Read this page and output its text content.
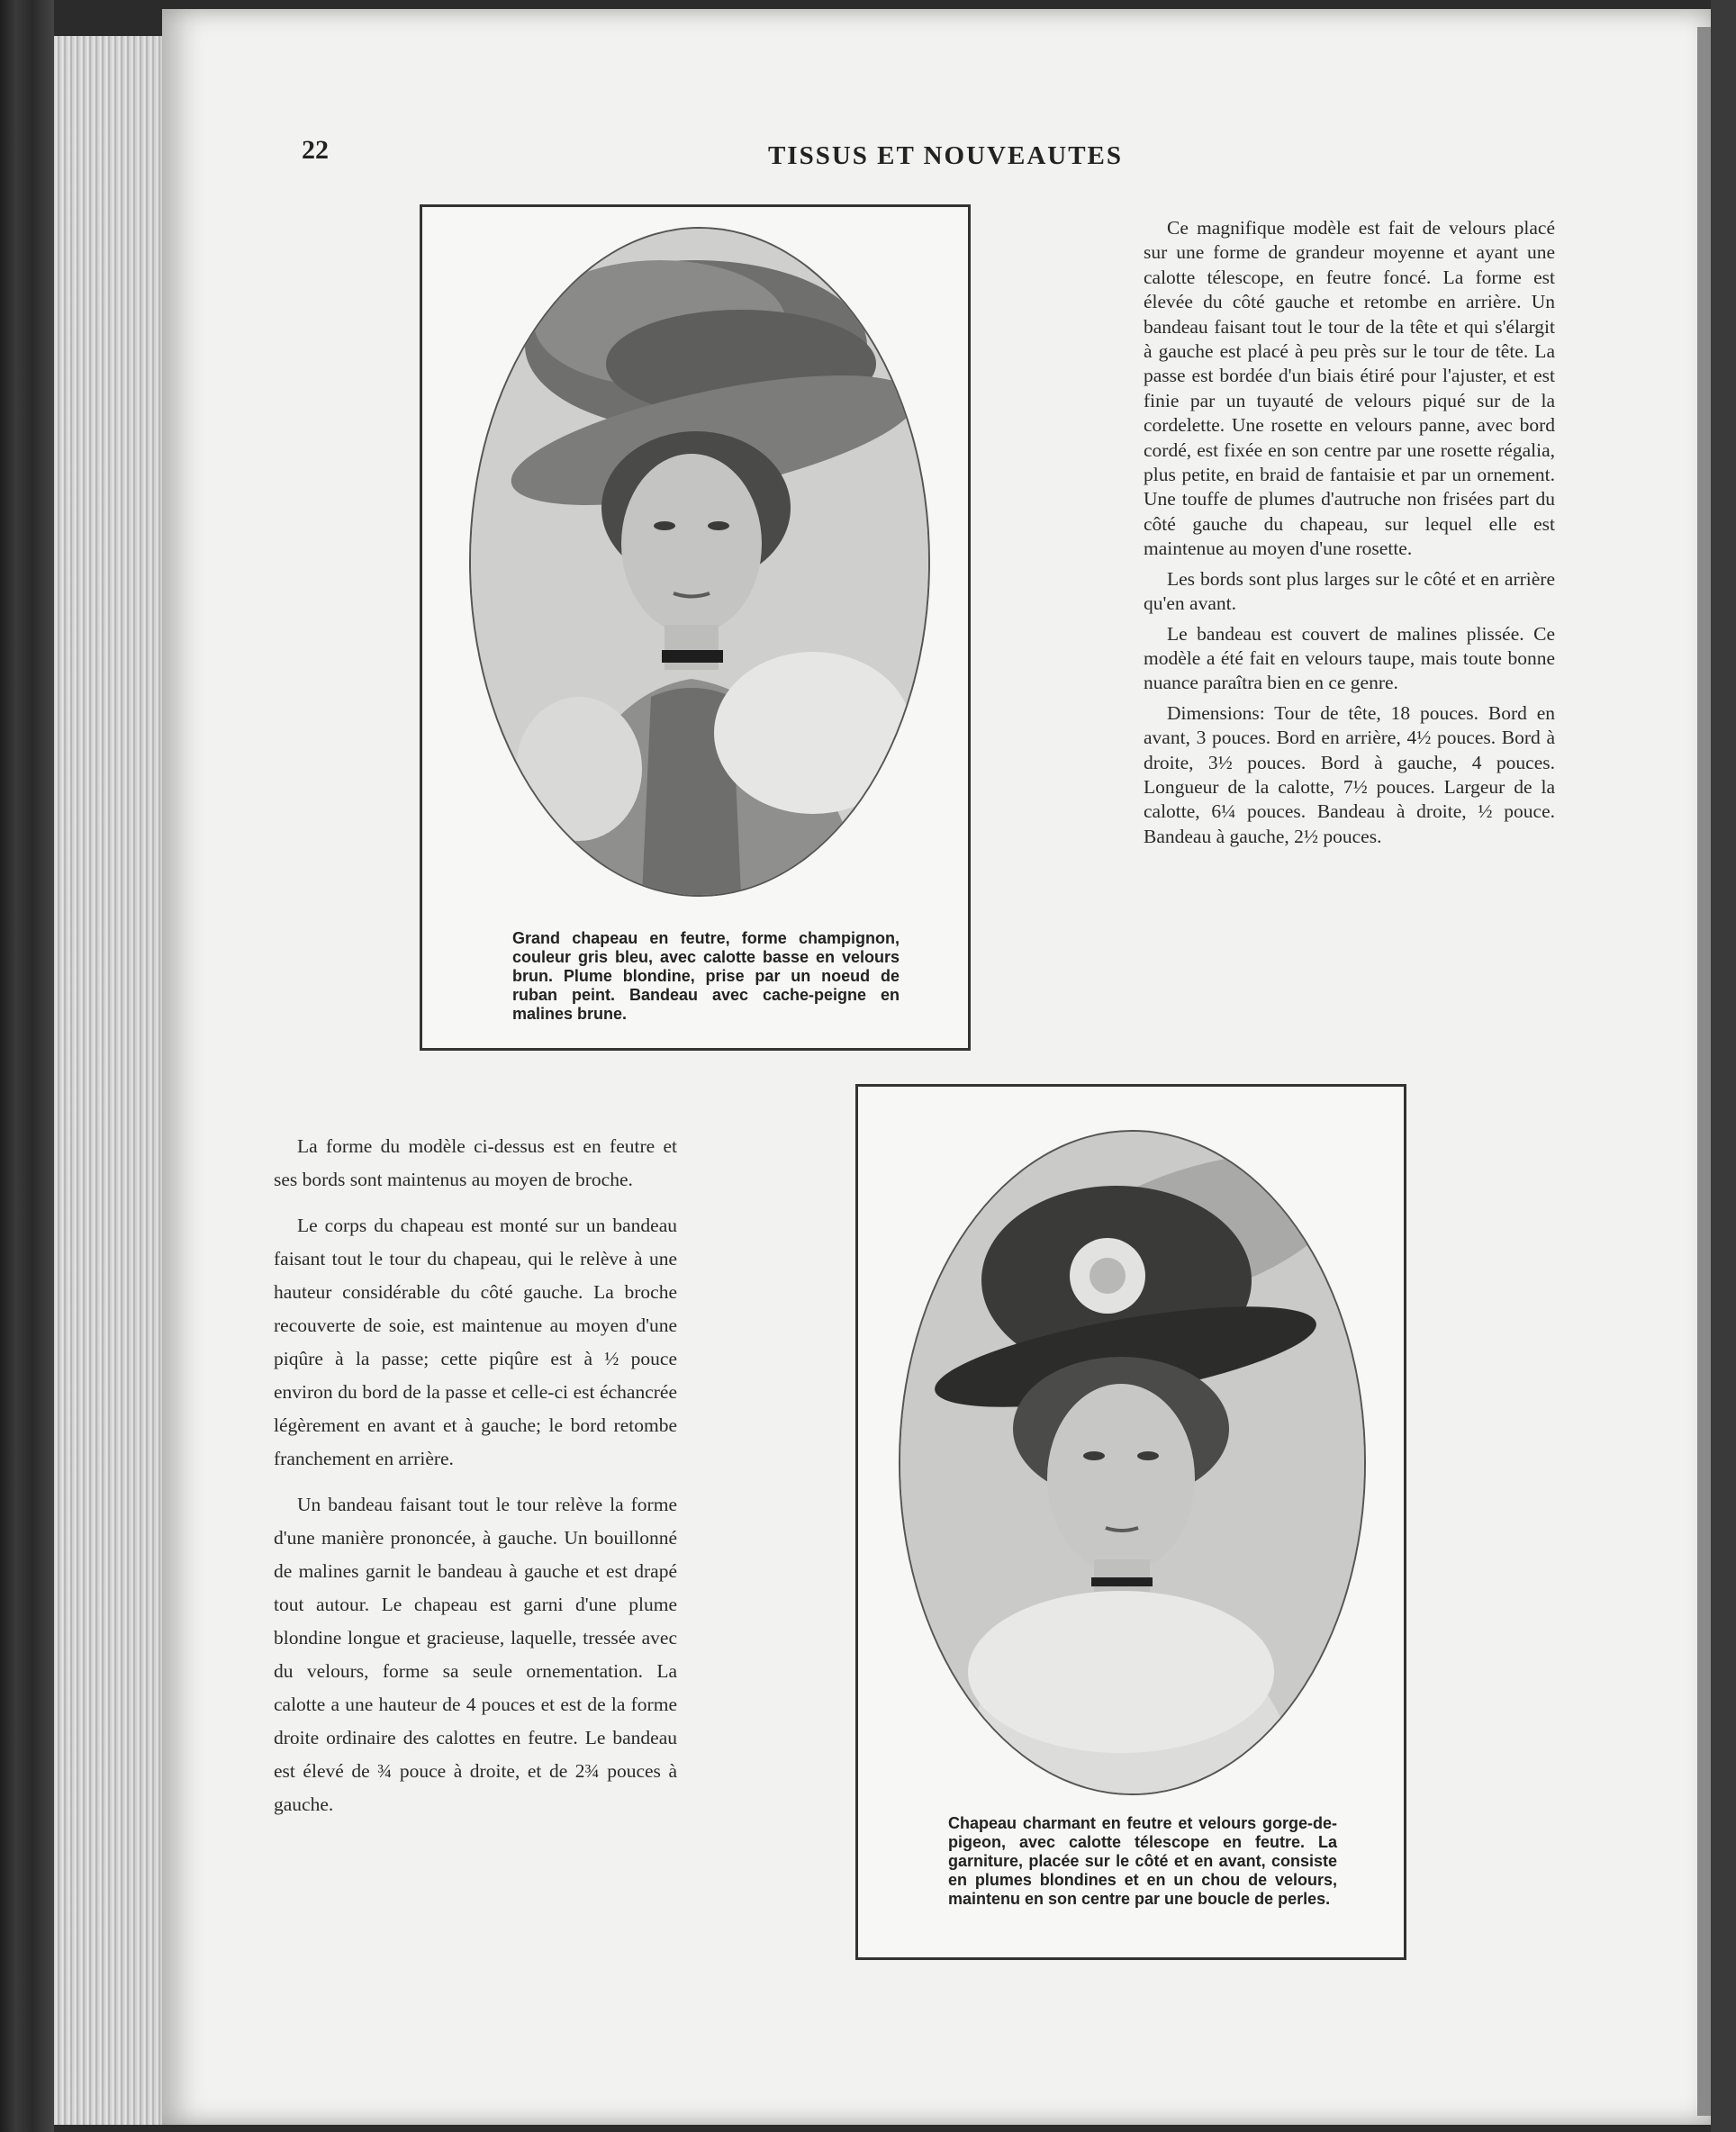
22	TISSUS ET NOUVEAUTES
Grand chapeau en feutre, forme champignon, couleur gris bleu, avec calotte basse en velours brun. Plume blondine, prise par un noeud de ruban peint. Bandeau avec cache-peigne en malines brune.

Ce magnifique modèle est fait de velours placé sur une forme de grandeur moyenne et ayant une calotte télescope, en feutre foncé. La forme est élevée du côté gauche et retombe en arrière. Un bandeau faisant tout le tour de la tête et qui s'élargit à gauche est placé à peu près sur le tour de tête. La passe est bordée d'un biais étiré pour l'ajuster, et est finie par un tuyauté de velours piqué sur de la cordelette. Une rosette en velours panne, avec bord cordé, est fixée en son centre par une rosette régalia, plus petite, en braid de fantaisie et par un ornement. Une touffe de plumes d'autruche non frisées part du côté gauche du chapeau, sur lequel elle est maintenue au moyen d'une rosette.

Les bords sont plus larges sur le côté et en arrière qu'en avant.

Le bandeau est couvert de malines plissée. Ce modèle a été fait en velours taupe, mais toute bonne nuance paraîtra bien en ce genre.

Dimensions: Tour de tête, 18 pouces. Bord en avant, 3 pouces. Bord en arrière, 4½ pouces. Bord à droite, 3½ pouces. Bord à gauche, 4 pouces. Longueur de la calotte, 7½ pouces. Largeur de la calotte, 6¼ pouces. Bandeau à droite, ½ pouce. Bandeau à gauche, 2½ pouces.

Chapeau charmant en feutre et velours gorge-de-pigeon, avec calotte télescope en feutre. La garniture, placée sur le côté et en avant, consiste en plumes blondines et en un chou de velours, maintenu en son centre par une boucle de perles.

La forme du modèle ci-dessus est en feutre et ses bords sont maintenus au moyen de broche.

Le corps du chapeau est monté sur un bandeau faisant tout le tour du chapeau, qui le relève à une hauteur considérable du côté gauche. La broche recouverte de soie, est maintenue au moyen d'une piqûre à la passe; cette piqûre est à ½ pouce environ du bord de la passe et celle-ci est échancrée légèrement en avant et à gauche; le bord retombe franchement en arrière.

Un bandeau faisant tout le tour relève la forme d'une manière prononcée, à gauche. Un bouillonné de malines garnit le bandeau à gauche et est drapé tout autour. Le chapeau est garni d'une plume blondine longue et gracieuse, laquelle, tressée avec du velours, forme sa seule ornementation. La calotte a une hauteur de 4 pouces et est de la forme droite ordinaire des calottes en feutre. Le bandeau est élevé de ¾ pouce à droite, et de 2¾ pouces à gauche.
